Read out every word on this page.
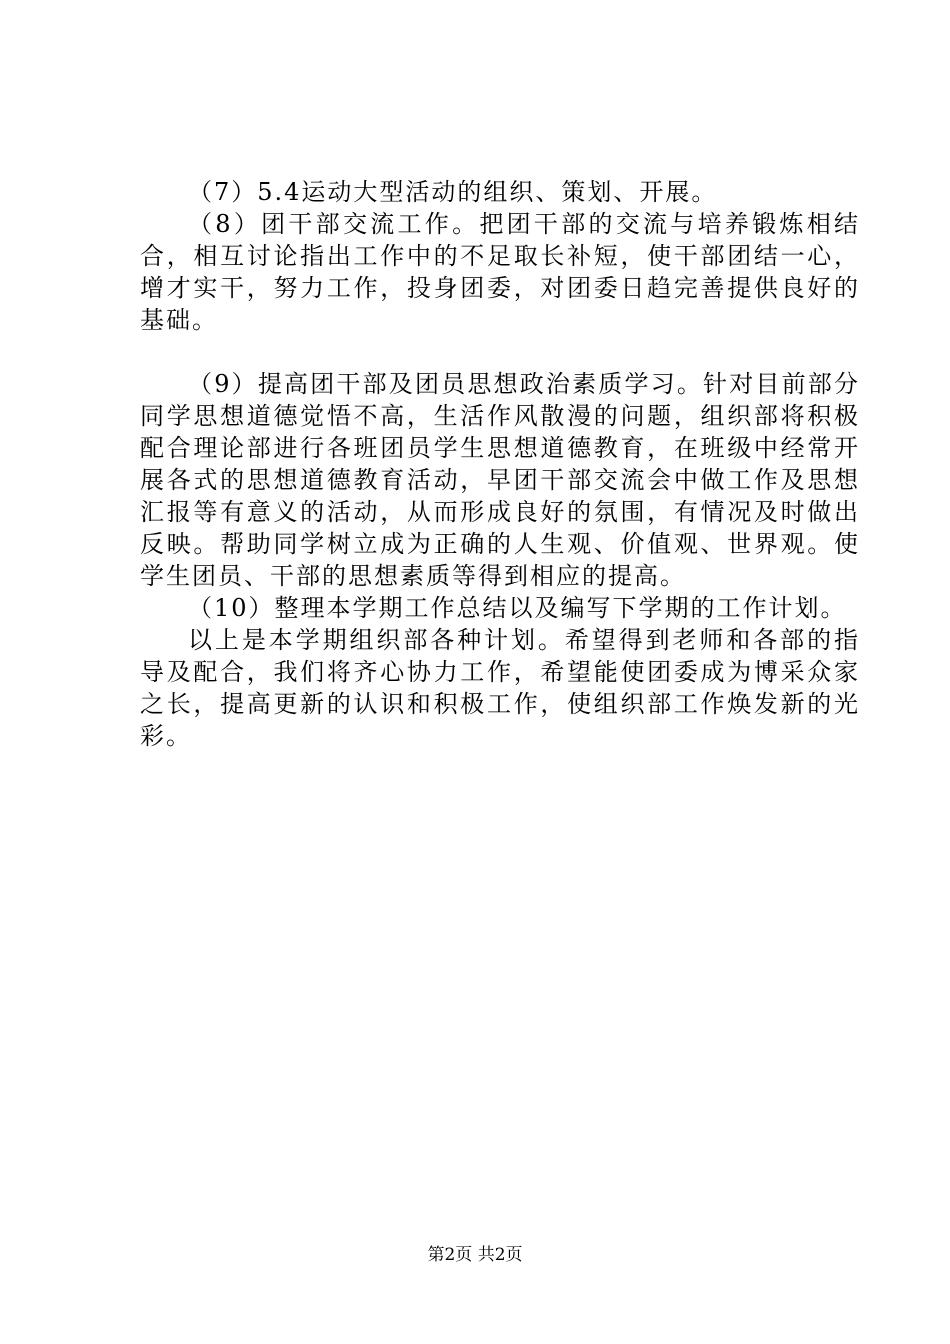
（7）5.4运动大型活动的组织、策划、开展。

（8）团干部交流工作。把团干部的交流与培养锻炼相结合，相互讨论指出工作中的不足取长补短，使干部团结一心，增才实干，努力工作，投身团委，对团委日趋完善提供良好的基础。

（9）提高团干部及团员思想政治素质学习。针对目前部分同学思想道德觉悟不高，生活作风散漫的问题，组织部将积极配合理论部进行各班团员学生思想道德教育，在班级中经常开展各式的思想道德教育活动，早团干部交流会中做工作及思想汇报等有意义的活动，从而形成良好的氛围，有情况及时做出反映。帮助同学树立成为正确的人生观、价值观、世界观。使学生团员、干部的思想素质等得到相应的提高。

（10）整理本学期工作总结以及编写下学期的工作计划。

以上是本学期组织部各种计划。希望得到老师和各部的指导及配合，我们将齐心协力工作，希望能使团委成为博采众家之长，提高更新的认识和积极工作，使组织部工作焕发新的光彩。

第2页 共2页
